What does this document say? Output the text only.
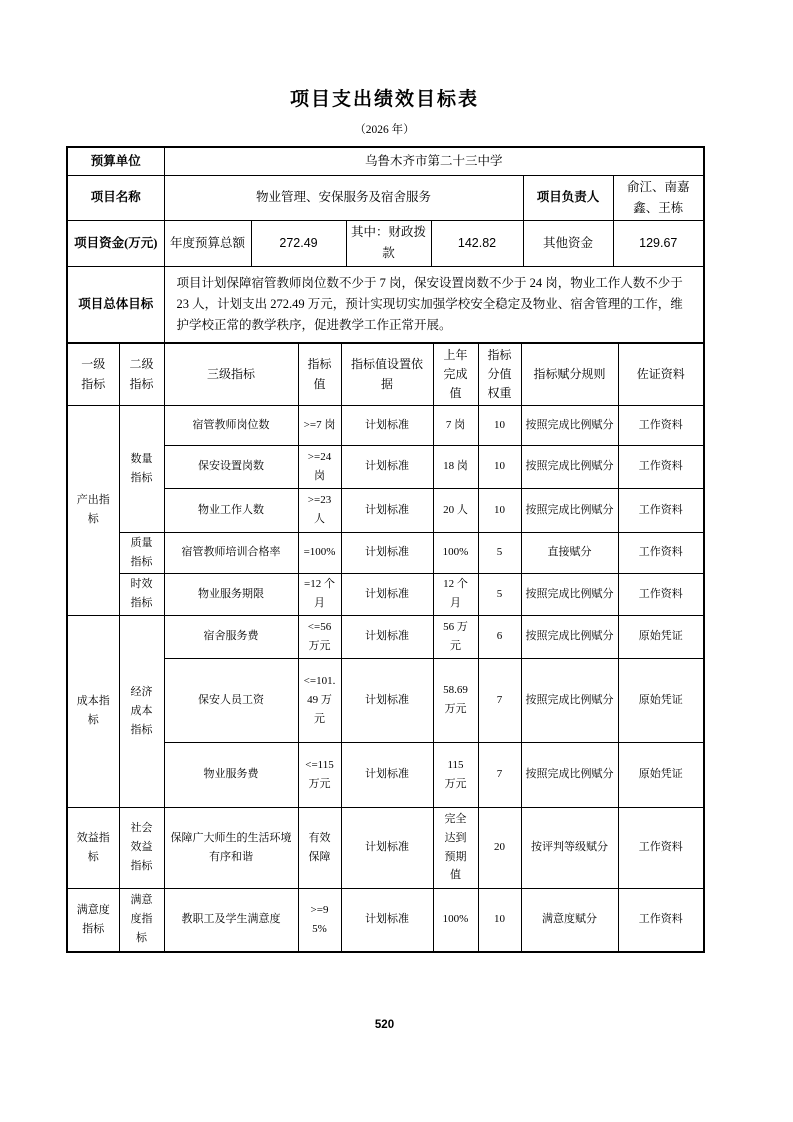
项目支出绩效目标表
（2026 年）
预算单位	乌鲁木齐市第二十三中学					
项目名称	物业管理、安保服务及宿舍服务				项目负责人	俞江、南嘉鑫、王栋
项目资金(万元)	年度预算总额	272.49	其中：财政拨款	142.82	其他资金	129.67
项目总体目标	项目计划保障宿管教师岗位数不少于 7 岗，保安设置岗数不少于 24 岗，物业工作人数不少于 23 人，计划支出 272.49 万元，预计实现切实加强学校安全稳定及物业、宿舍管理的工作，维护学校正常的教学秩序，促进教学工作正常开展。					
一级指标	二级指标	三级指标	指标值	指标值设置依据	上年完成值	指标分值权重	指标赋分规则	佐证资料
产出指标	数量指标	宿管教师岗位数	>=7 岗	计划标准	7 岗	10	按照完成比例赋分	工作资料
		保安设置岗数	>=24 岗	计划标准	18 岗	10	按照完成比例赋分	工作资料
		物业工作人数	>=23 人	计划标准	20 人	10	按照完成比例赋分	工作资料
	质量指标	宿管教师培训合格率	=100%	计划标准	100%	5	直接赋分	工作资料
	时效指标	物业服务期限	=12 个月	计划标准	12 个月	5	按照完成比例赋分	工作资料
成本指标	经济成本指标	宿舍服务费	<=56 万元	计划标准	56 万元	6	按照完成比例赋分	原始凭证
		保安人员工资	<=101.49 万元	计划标准	58.69 万元	7	按照完成比例赋分	原始凭证
		物业服务费	<=115 万元	计划标准	115 万元	7	按照完成比例赋分	原始凭证
效益指标	社会效益指标	保障广大师生的生活环境有序和谐	有效保障	计划标准	完全达到预期值	20	按评判等级赋分	工作资料
满意度指标	满意度指标	教职工及学生满意度	>=95%	计划标准	100%	10	满意度赋分	工作资料
520
